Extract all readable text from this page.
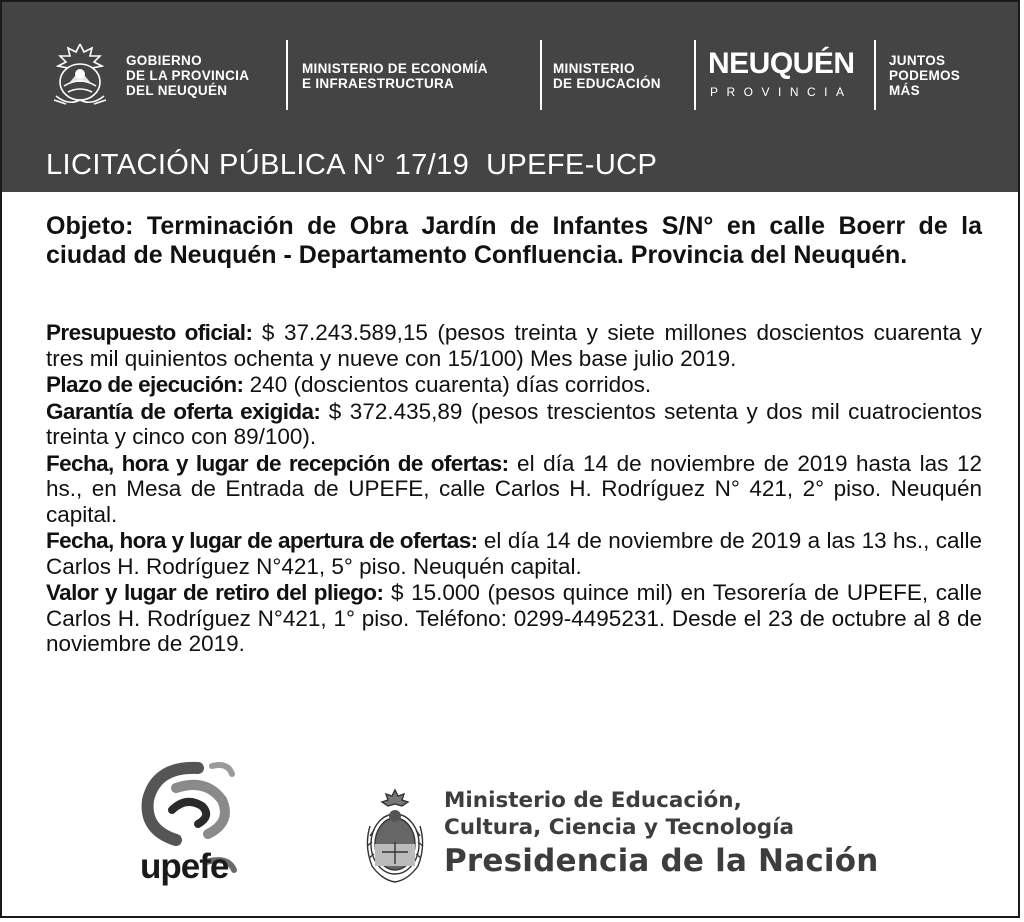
GOBIERNO
DE LA PROVINCIA
DEL NEUQUÉN
MINISTERIO DE ECONOMÍA
E INFRAESTRUCTURA
MINISTERIO
DE EDUCACIÓN
NEUQUÉN
PROVINCIA
JUNTOS
PODEMOS
MÁS
LICITACIÓN PÚBLICA N° 17/19  UPEFE-UCP
Objeto: Terminación de Obra Jardín de Infantes S/N° en calle Boerr de la ciudad de Neuquén - Departamento Confluencia. Provincia del Neuquén.

Presupuesto oficial: $ 37.243.589,15 (pesos treinta y siete millones doscientos cuarenta y tres mil quinientos ochenta y nueve con 15/100) Mes base julio 2019.

Plazo de ejecución: 240 (doscientos cuarenta) días corridos.

Garantía de oferta exigida: $ 372.435,89 (pesos trescientos setenta y dos mil cuatrocientos treinta y cinco con 89/100).

Fecha, hora y lugar de recepción de ofertas: el día 14 de noviembre de 2019 hasta las 12 hs., en Mesa de Entrada de UPEFE, calle Carlos H. Rodríguez N° 421, 2° piso. Neuquén capital.

Fecha, hora y lugar de apertura de ofertas: el día 14 de noviembre de 2019 a las 13 hs., calle Carlos H. Rodríguez N°421, 5° piso. Neuquén capital.

Valor y lugar de retiro del pliego: $ 15.000 (pesos quince mil) en Tesorería de UPEFE, calle Carlos H. Rodríguez N°421, 1° piso. Teléfono: 0299-4495231. Desde el 23 de octubre al 8 de noviembre de 2019.

upefe
Ministerio de Educación,
Cultura, Ciencia y Tecnología
Presidencia de la Nación
